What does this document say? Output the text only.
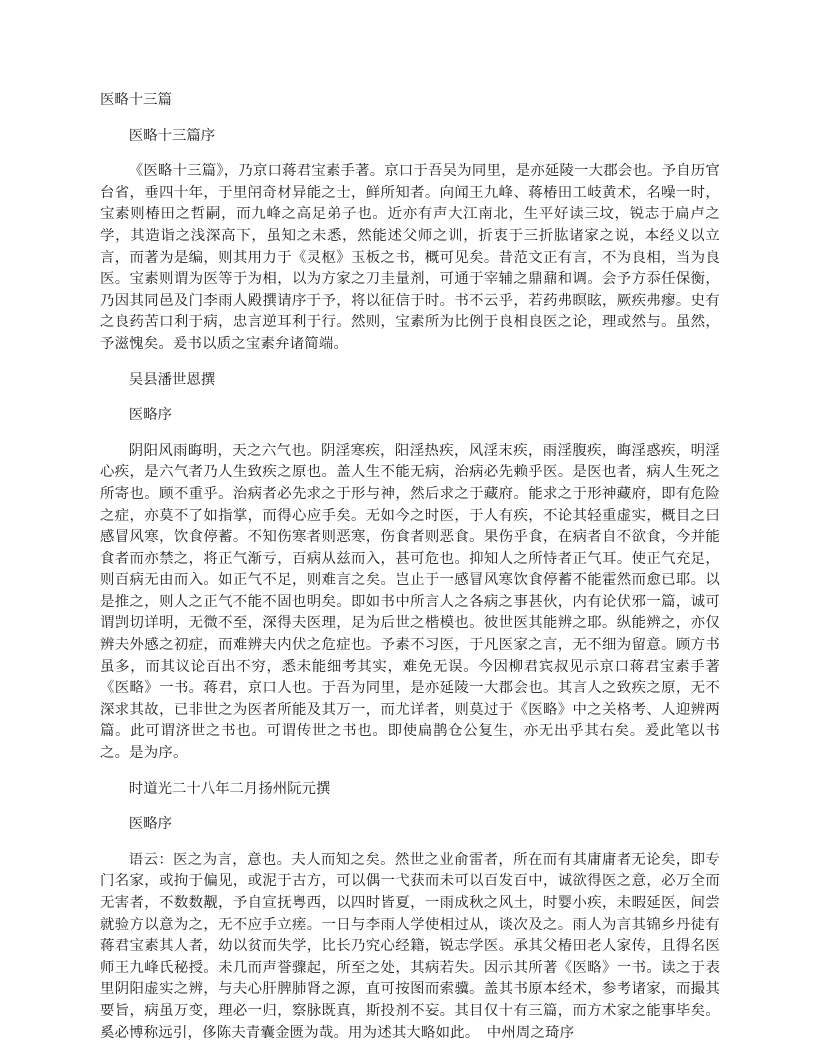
医略十三篇

医略十三篇序

《医略十三篇》，乃京口蒋君宝素手著。京口于吾吴为同里，是亦延陵一大郡会也。予自历官台省，垂四十年，于里闬奇材异能之士，鲜所知者。向闻王九峰、蒋椿田工岐黄术，名噪一时，宝素则椿田之哲嗣，而九峰之高足弟子也。近亦有声大江南北，生平好读三坟，锐志于扁卢之学，其造诣之浅深高下，虽知之未悉，然能述父师之训，折衷于三折肱诸家之说，本经义以立言，而著为是编，则其用力于《灵枢》玉板之书，概可见矣。昔范文正有言，不为良相，当为良医。宝素则谓为医等于为相，以为方家之刀圭量剂，可通于宰辅之鼎鼐和调。会予方忝任保衡，乃因其同邑及门李雨人殿撰请序于予，将以征信于时。书不云乎，若药弗瞑眩，厥疾弗瘳。史有之良药苦口利于病，忠言逆耳利于行。然则，宝素所为比例于良相良医之论，理或然与。虽然，予滋愧矣。爰书以质之宝素弁诸简端。

吴县潘世恩撰

医略序

阴阳风雨晦明，天之六气也。阴淫寒疾，阳淫热疾，风淫末疾，雨淫腹疾，晦淫惑疾，明淫心疾，是六气者乃人生致疾之原也。盖人生不能无病，治病必先赖乎医。是医也者，病人生死之所寄也。顾不重乎。治病者必先求之于形与神，然后求之于藏府。能求之于形神藏府，即有危险之症，亦莫不了如指掌，而得心应手矣。无如今之时医，于人有疾，不论其轻重虚实，概目之曰感冒风寒，饮食停蓄。不知伤寒者则恶寒，伤食者则恶食。果伤乎食，在病者自不欲食，今并能食者而亦禁之，将正气渐亏，百病从兹而入，甚可危也。抑知人之所恃者正气耳。使正气充足，则百病无由而入。如正气不足，则难言之矣。岂止于一感冒风寒饮食停蓄不能霍然而愈已耶。以是推之，则人之正气不能不固也明矣。即如书中所言人之各病之事甚伙，内有论伏邪一篇，诚可谓剀切详明，无微不至，深得夫医理，足为后世之楷模也。彼世医其能辨之耶。纵能辨之，亦仅辨夫外感之初症，而难辨夫内伏之危症也。予素不习医，于凡医家之言，无不细为留意。顾方书虽多，而其议论百出不穷，悉未能细考其实，难免无误。今因柳君宾叔见示京口蒋君宝素手著《医略》一书。蒋君，京口人也。于吾为同里，是亦延陵一大郡会也。其言人之致疾之原，无不深求其故，已非世之为医者所能及其万一，而尤详者，则莫过于《医略》中之关格考、人迎辨两篇。此可谓济世之书也。可谓传世之书也。即使扁鹊仓公复生，亦无出乎其右矣。爰此笔以书之。是为序。

时道光二十八年二月扬州阮元撰

医略序

语云：医之为言，意也。夫人而知之矣。然世之业俞雷者，所在而有其庸庸者无论矣，即专门名家，或拘于偏见，或泥于古方，可以偶一弋获而未可以百发百中，诚欲得医之意，必万全而无害者，不数数觏，予自宣抚粤西，以四时皆夏，一雨成秋之风土，时婴小疾，未暇延医，间尝就验方以意为之，无不应手立瘥。一日与李雨人学使相过从，谈次及之。雨人为言其锦乡丹徒有蒋君宝素其人者，幼以贫而失学，比长乃究心经籍，锐志学医。承其父椿田老人家传，且得名医师王九峰氏秘授。未几而声誉骤起，所至之处，其病若失。因示其所著《医略》一书。读之于表里阴阳虚实之辨，与夫心肝脾肺肾之源，直可按图而索骥。盖其书原本经术，参考诸家，而撮其要旨，病虽万变，理必一归，察脉既真，斯投剂不妄。其目仅十有三篇，而方术家之能事毕矣。奚必博称远引，侈陈夫青囊金匮为哉。用为述其大略如此。　中州周之琦序
